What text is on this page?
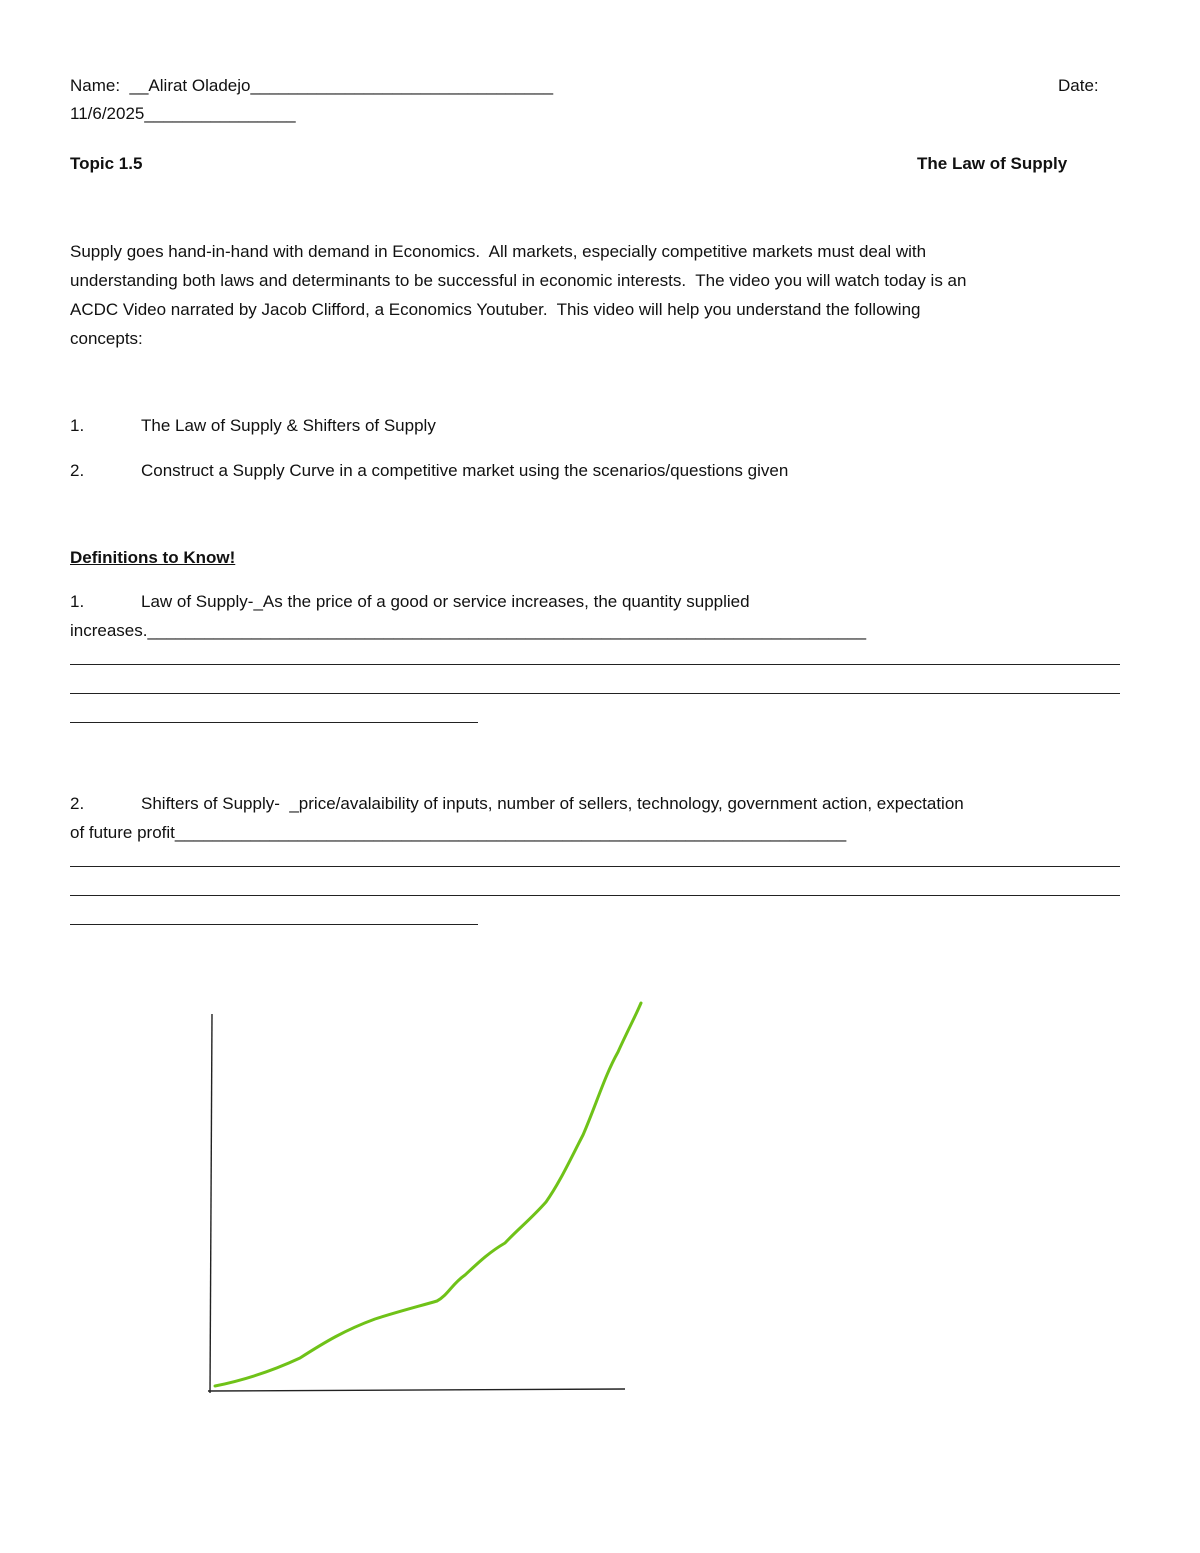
Name:  __Alirat Oladejo________________________________	Date:
11/6/2025________________
Topic 1.5	The Law of Supply
Supply goes hand-in-hand with demand in Economics.  All markets, especially competitive markets must deal with
understanding both laws and determinants to be successful in economic interests.  The video you will watch today is an
ACDC Video narrated by Jacob Clifford, a Economics Youtuber.  This video will help you understand the following
concepts:
1.	The Law of Supply & Shifters of Supply
2.	Construct a Supply Curve in a competitive market using the scenarios/questions given
Definitions to Know!
1.	Law of Supply-_As the price of a good or service increases, the quantity supplied
increases.____________________________________________________________________________
2.	Shifters of Supply-  _price/avalaibility of inputs, number of sellers, technology, government action, expectation
of future profit_______________________________________________________________________
